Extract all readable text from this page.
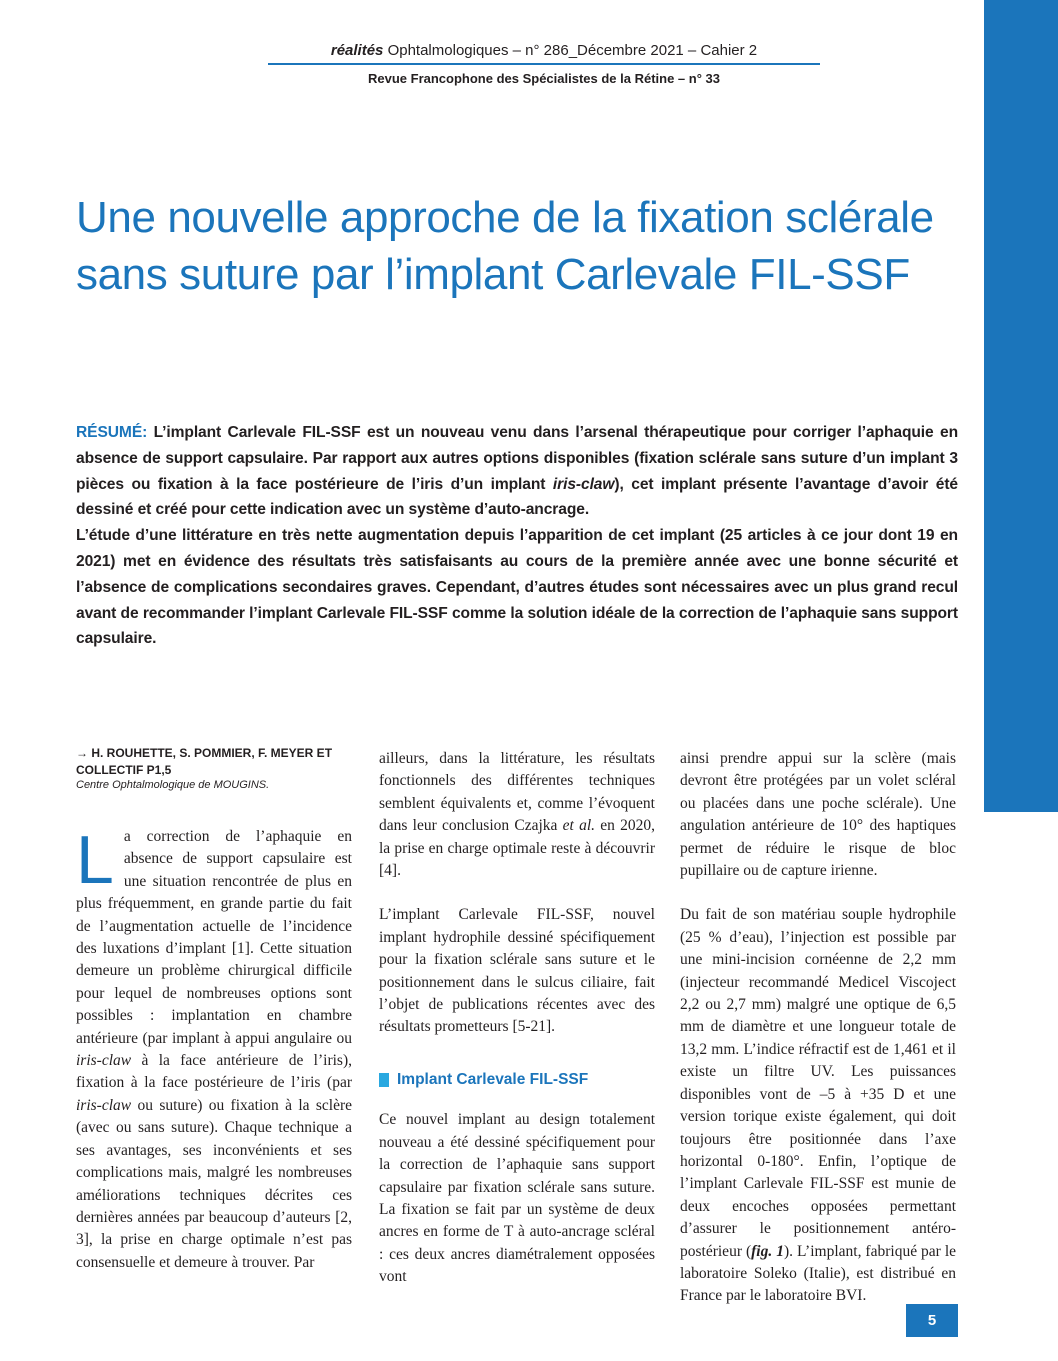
réalités Ophtalmologiques – n° 286_Décembre 2021 – Cahier 2
Revue Francophone des Spécialistes de la Rétine – n° 33
Une nouvelle approche de la fixation sclérale sans suture par l’implant Carlevale FIL-SSF

RÉSUMÉ: L’implant Carlevale FIL-SSF est un nouveau venu dans l’arsenal thérapeutique pour corriger l’aphaquie en absence de support capsulaire. Par rapport aux autres options disponibles (fixation sclérale sans suture d’un implant 3 pièces ou fixation à la face postérieure de l’iris d’un implant iris-claw), cet implant présente l’avantage d’avoir été dessiné et créé pour cette indication avec un système d’auto-ancrage.

L’étude d’une littérature en très nette augmentation depuis l’apparition de cet implant (25 articles à ce jour dont 19 en 2021) met en évidence des résultats très satisfaisants au cours de la première année avec une bonne sécurité et l’absence de complications secondaires graves. Cependant, d’autres études sont nécessaires avec un plus grand recul avant de recommander l’implant Carlevale FIL-SSF comme la solution idéale de la correction de l’aphaquie sans support capsulaire.

→ H. ROUHETTE, S. POMMIER, F. MEYER ET COLLECTIF P1,5

Centre Ophtalmologique de MOUGINS.

La correction de l’aphaquie en absence de support capsulaire est une situation rencontrée de plus en plus fréquemment, en grande partie du fait de l’augmentation actuelle de l’incidence des luxations d’implant [1]. Cette situation demeure un problème chirurgical difficile pour lequel de nombreuses options sont possibles : implantation en chambre antérieure (par implant à appui angulaire ou iris-claw à la face antérieure de l’iris), fixation à la face postérieure de l’iris (par iris-claw ou suture) ou fixation à la sclère (avec ou sans suture). Chaque technique a ses avantages, ses inconvénients et ses complications mais, malgré les nombreuses améliorations techniques décrites ces dernières années par beaucoup d’auteurs [2, 3], la prise en charge optimale n’est pas consensuelle et demeure à trouver. Par

ailleurs, dans la littérature, les résultats fonctionnels des différentes techniques semblent équivalents et, comme l’évoquent dans leur conclusion Czajka et al. en 2020, la prise en charge optimale reste à découvrir [4].

L’implant Carlevale FIL-SSF, nouvel implant hydrophile dessiné spécifiquement pour la fixation sclérale sans suture et le positionnement dans le sulcus ciliaire, fait l’objet de publications récentes avec des résultats prometteurs [5-21].

Implant Carlevale FIL-SSF

Ce nouvel implant au design totalement nouveau a été dessiné spécifiquement pour la correction de l’aphaquie sans support capsulaire par fixation sclérale sans suture. La fixation se fait par un système de deux ancres en forme de T à auto-ancrage scléral : ces deux ancres diamétralement opposées vont

ainsi prendre appui sur la sclère (mais devront être protégées par un volet scléral ou placées dans une poche sclérale). Une angulation antérieure de 10° des haptiques permet de réduire le risque de bloc pupillaire ou de capture irienne.

Du fait de son matériau souple hydrophile (25 % d’eau), l’injection est possible par une mini-incision cornéenne de 2,2 mm (injecteur recommandé Medicel Viscoject 2,2 ou 2,7 mm) malgré une optique de 6,5 mm de diamètre et une longueur totale de 13,2 mm. L’indice réfractif est de 1,461 et il existe un filtre UV. Les puissances disponibles vont de –5 à +35 D et une version torique existe également, qui doit toujours être positionnée dans l’axe horizontal 0-180°. Enfin, l’optique de l’implant Carlevale FIL-SSF est munie de deux encoches opposées permettant d’assurer le positionnement antéro-postérieur (fig. 1). L’implant, fabriqué par le laboratoire Soleko (Italie), est distribué en France par le laboratoire BVI.

5
